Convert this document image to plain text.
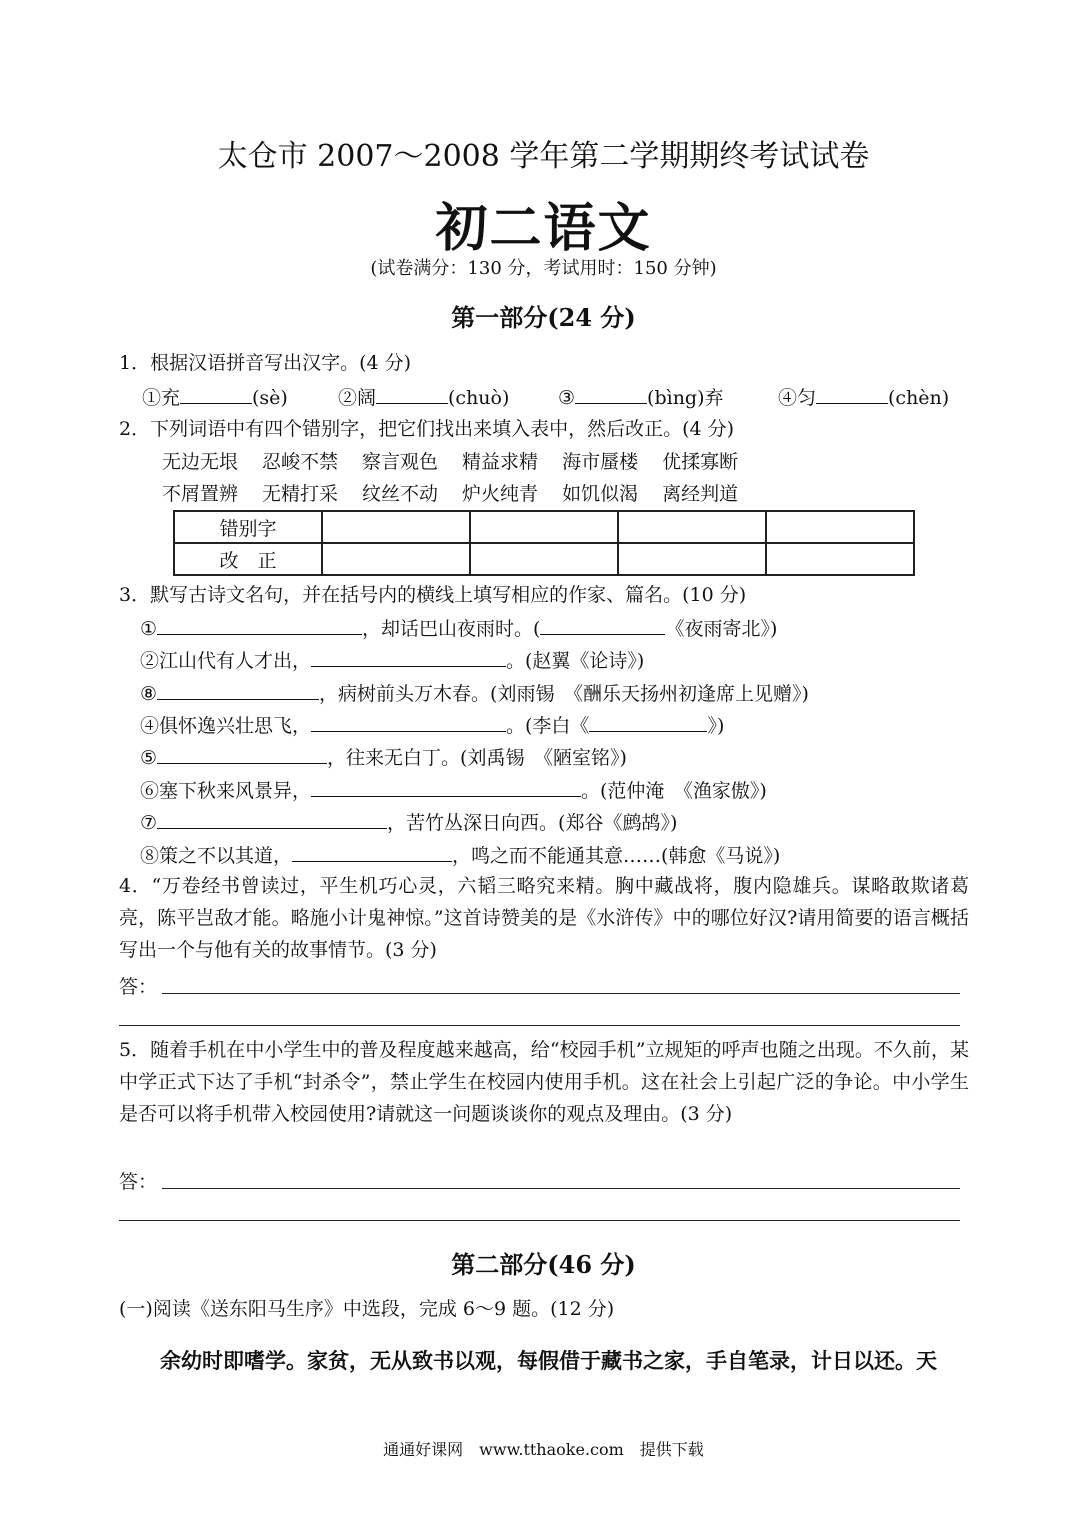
太仓市 2007～2008 学年第二学期期终考试试卷
初二语文
(试卷满分：130 分，考试用时：150 分钟)
第一部分(24 分)
1．根据汉语拼音写出汉字。(4 分)
①充	(sè)	②阔	(chuò)	③	(bìng)弃	④匀	(chèn)
2．下列词语中有四个错别字，把它们找出来填入表中，然后改正。(4 分)
无边无垠 忍峻不禁 察言观色 精益求精 海市蜃楼 优揉寡断
不屑置辨 无精打采 纹丝不动 炉火纯青 如饥似渴 离经判道
错别字				
改　正				
3．默写古诗文名句，并在括号内的横线上填写相应的作家、篇名。(10 分)
①	，却话巴山夜雨时。(	《夜雨寄北》)
②江山代有人才出，	。(赵翼《论诗》)
⑧	，病树前头万木春。(刘雨锡　《酬乐天扬州初逢席上见赠》)
④俱怀逸兴壮思飞，	。(李白《	》)
⑤	，往来无白丁。(刘禹锡　《陋室铭》)
⑥塞下秋来风景异，	。(范仲淹　《渔家傲》)
⑦	，苦竹丛深日向西。(郑谷《鹧鸪》)
⑧策之不以其道，	，鸣之而不能通其意……(韩愈《马说》)
4．“万卷经书曾读过，平生机巧心灵，六韬三略究来精。胸中藏战将，腹内隐雄兵。谋略敢欺诸葛亮，陈平岂敌才能。略施小计鬼神惊。”这首诗赞美的是《水浒传》中的哪位好汉?请用简要的语言概括写出一个与他有关的故事情节。(3 分)
答：
5．随着手机在中小学生中的普及程度越来越高，给“校园手机”立规矩的呼声也随之出现。不久前，某中学正式下达了手机“封杀令”，禁止学生在校园内使用手机。这在社会上引起广泛的争论。中小学生是否可以将手机带入校园使用?请就这一问题谈谈你的观点及理由。(3 分)
答：
第二部分(46 分)
(一)阅读《送东阳马生序》中选段，完成 6～9 题。(12 分)
余幼时即嗜学。家贫，无从致书以观，每假借于藏书之家，手自笔录，计日以还。天
通通好课网　www.tthaoke.com　提供下载
